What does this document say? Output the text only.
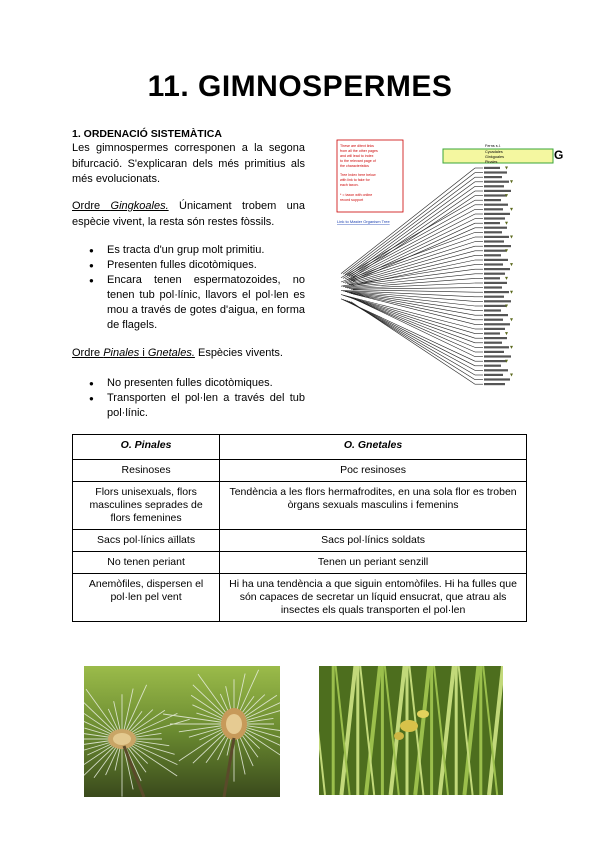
11. GIMNOSPERMES
1. ORDENACIÓ SISTEMÀTICA
Les gimnospermes corresponen a la segona bifurcació. S'explicaran dels més primitius als més evolucionats.
Ordre Gingkoales. Únicament trobem una espècie vivent, la resta són restes fòssils.
● Es tracta d'un grup molt primitiu.
● Presenten fulles dicotòmiques.
● Encara tenen espermatozoides, no tenen tub pol·línic, llavors el pol·len es mou a través de gotes d'aigua, en forma de flagels.
Ordre Pinales i Gnetales. Espècies vivents.
● No presenten fulles dicotòmiques.
● Transporten el pol·len a través del tub pol·línic.
These are ditext links
from all the other pages
and will lead to index
to the relevant page of
the characteristics
Tree Index here below
with link to fake for
each taxon.
* = taxon with online
record support
Link to Master Organism Tree
Ferns s.l.
Cycadales
Ginkgoales
Pinales	G
O. Pinales	O. Gnetales
Resinoses	Poc resinoses
Flors unisexuals, flors masculines seprades de flors femenines	Tendència a les flors hermafrodites, en una sola flor es troben òrgans sexuals masculins i femenins
Sacs pol·línics aïllats	Sacs pol·línics soldats
No tenen periant	Tenen un periant senzill
Anemòfiles, dispersen el pol·len pel vent	Hi ha una tendència a que siguin entomòfiles. Hi ha fulles que són capaces de secretar un líquid ensucrat, que atrau als insectes els quals transporten el pol·len
